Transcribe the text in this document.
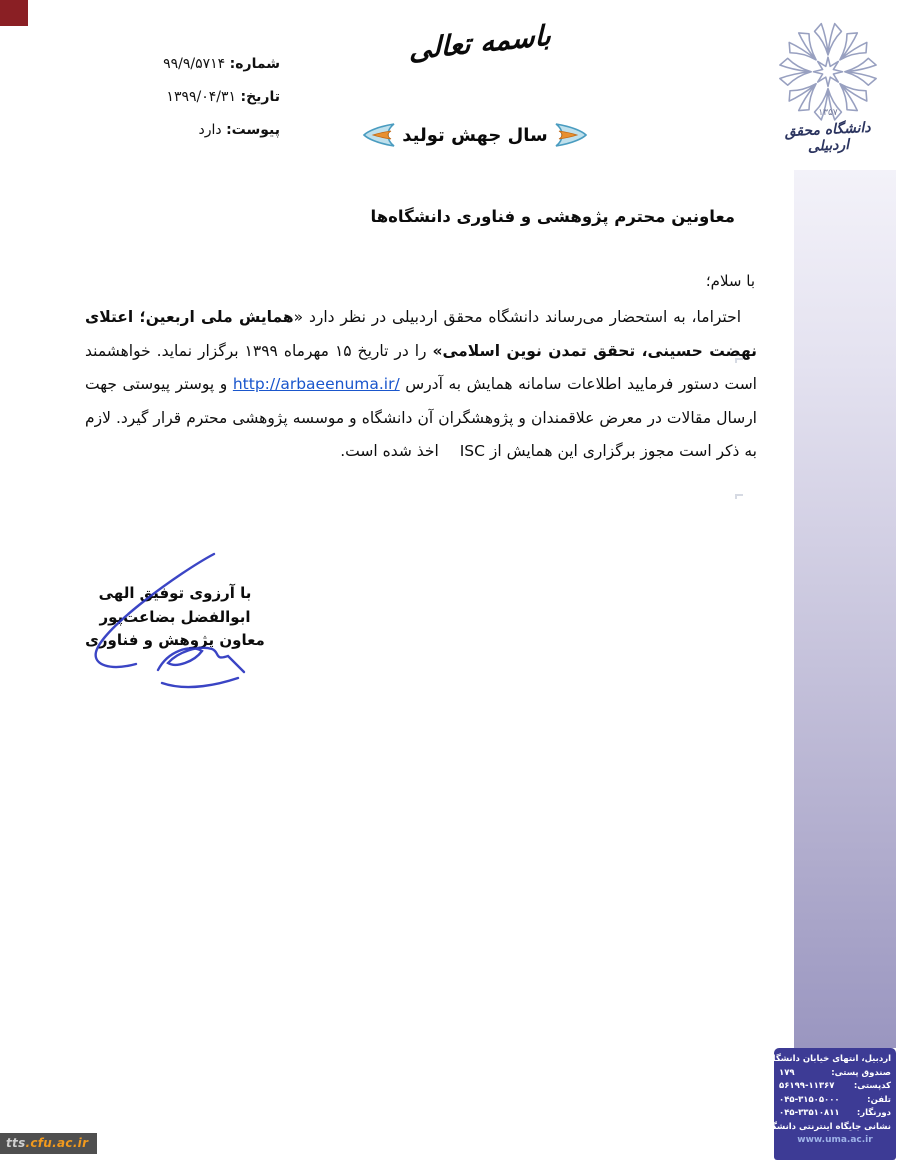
شماره: ۹۹/۹/۵۷۱۴
تاریخ: ۱۳۹۹/۰۴/۳۱
پیوست: دارد
باسمه تعالی
سال جهش تولید
۱۳۵۷
دانشگاه محقق اردبیلی
معاونین محترم پژوهشی و فناوری دانشگاه‌ها
با سلام؛
احتراما، به استحضار می‌رساند دانشگاه محقق اردبیلی در نظر دارد «همایش ملی اربعین؛ اعتلای نهضت حسینی، تحقق تمدن نوین اسلامی» را در تاریخ ۱۵ مهرماه ۱۳۹۹ برگزار نماید. خواهشمند است دستور فرمایید اطلاعات سامانه همایش به آدرس http://arbaeenuma.ir/ و پوستر پیوستی جهت ارسال مقالات در معرض علاقمندان و پژوهشگران آن دانشگاه و موسسه پژوهشی محترم قرار گیرد. لازم به ذکر است مجوز برگزاری این همایش از ISC اخذ شده است.
با آرزوی توفیق الهی
ابوالفضل بضاعت‌پور
معاون پژوهش و فناوری
اردبیل، انتهای خیابان دانشگاه
صندوق پستی:
۱۷۹
کدپستی:
۵۶۱۹۹-۱۱۳۶۷
تلفن:
۰۴۵-۳۱۵۰۵۰۰۰
دورنگار:
۰۴۵-۳۳۵۱۰۸۱۱
نشانی جایگاه اینترنتی دانشگاه
www.uma.ac.ir
tts.cfu.ac.ir
